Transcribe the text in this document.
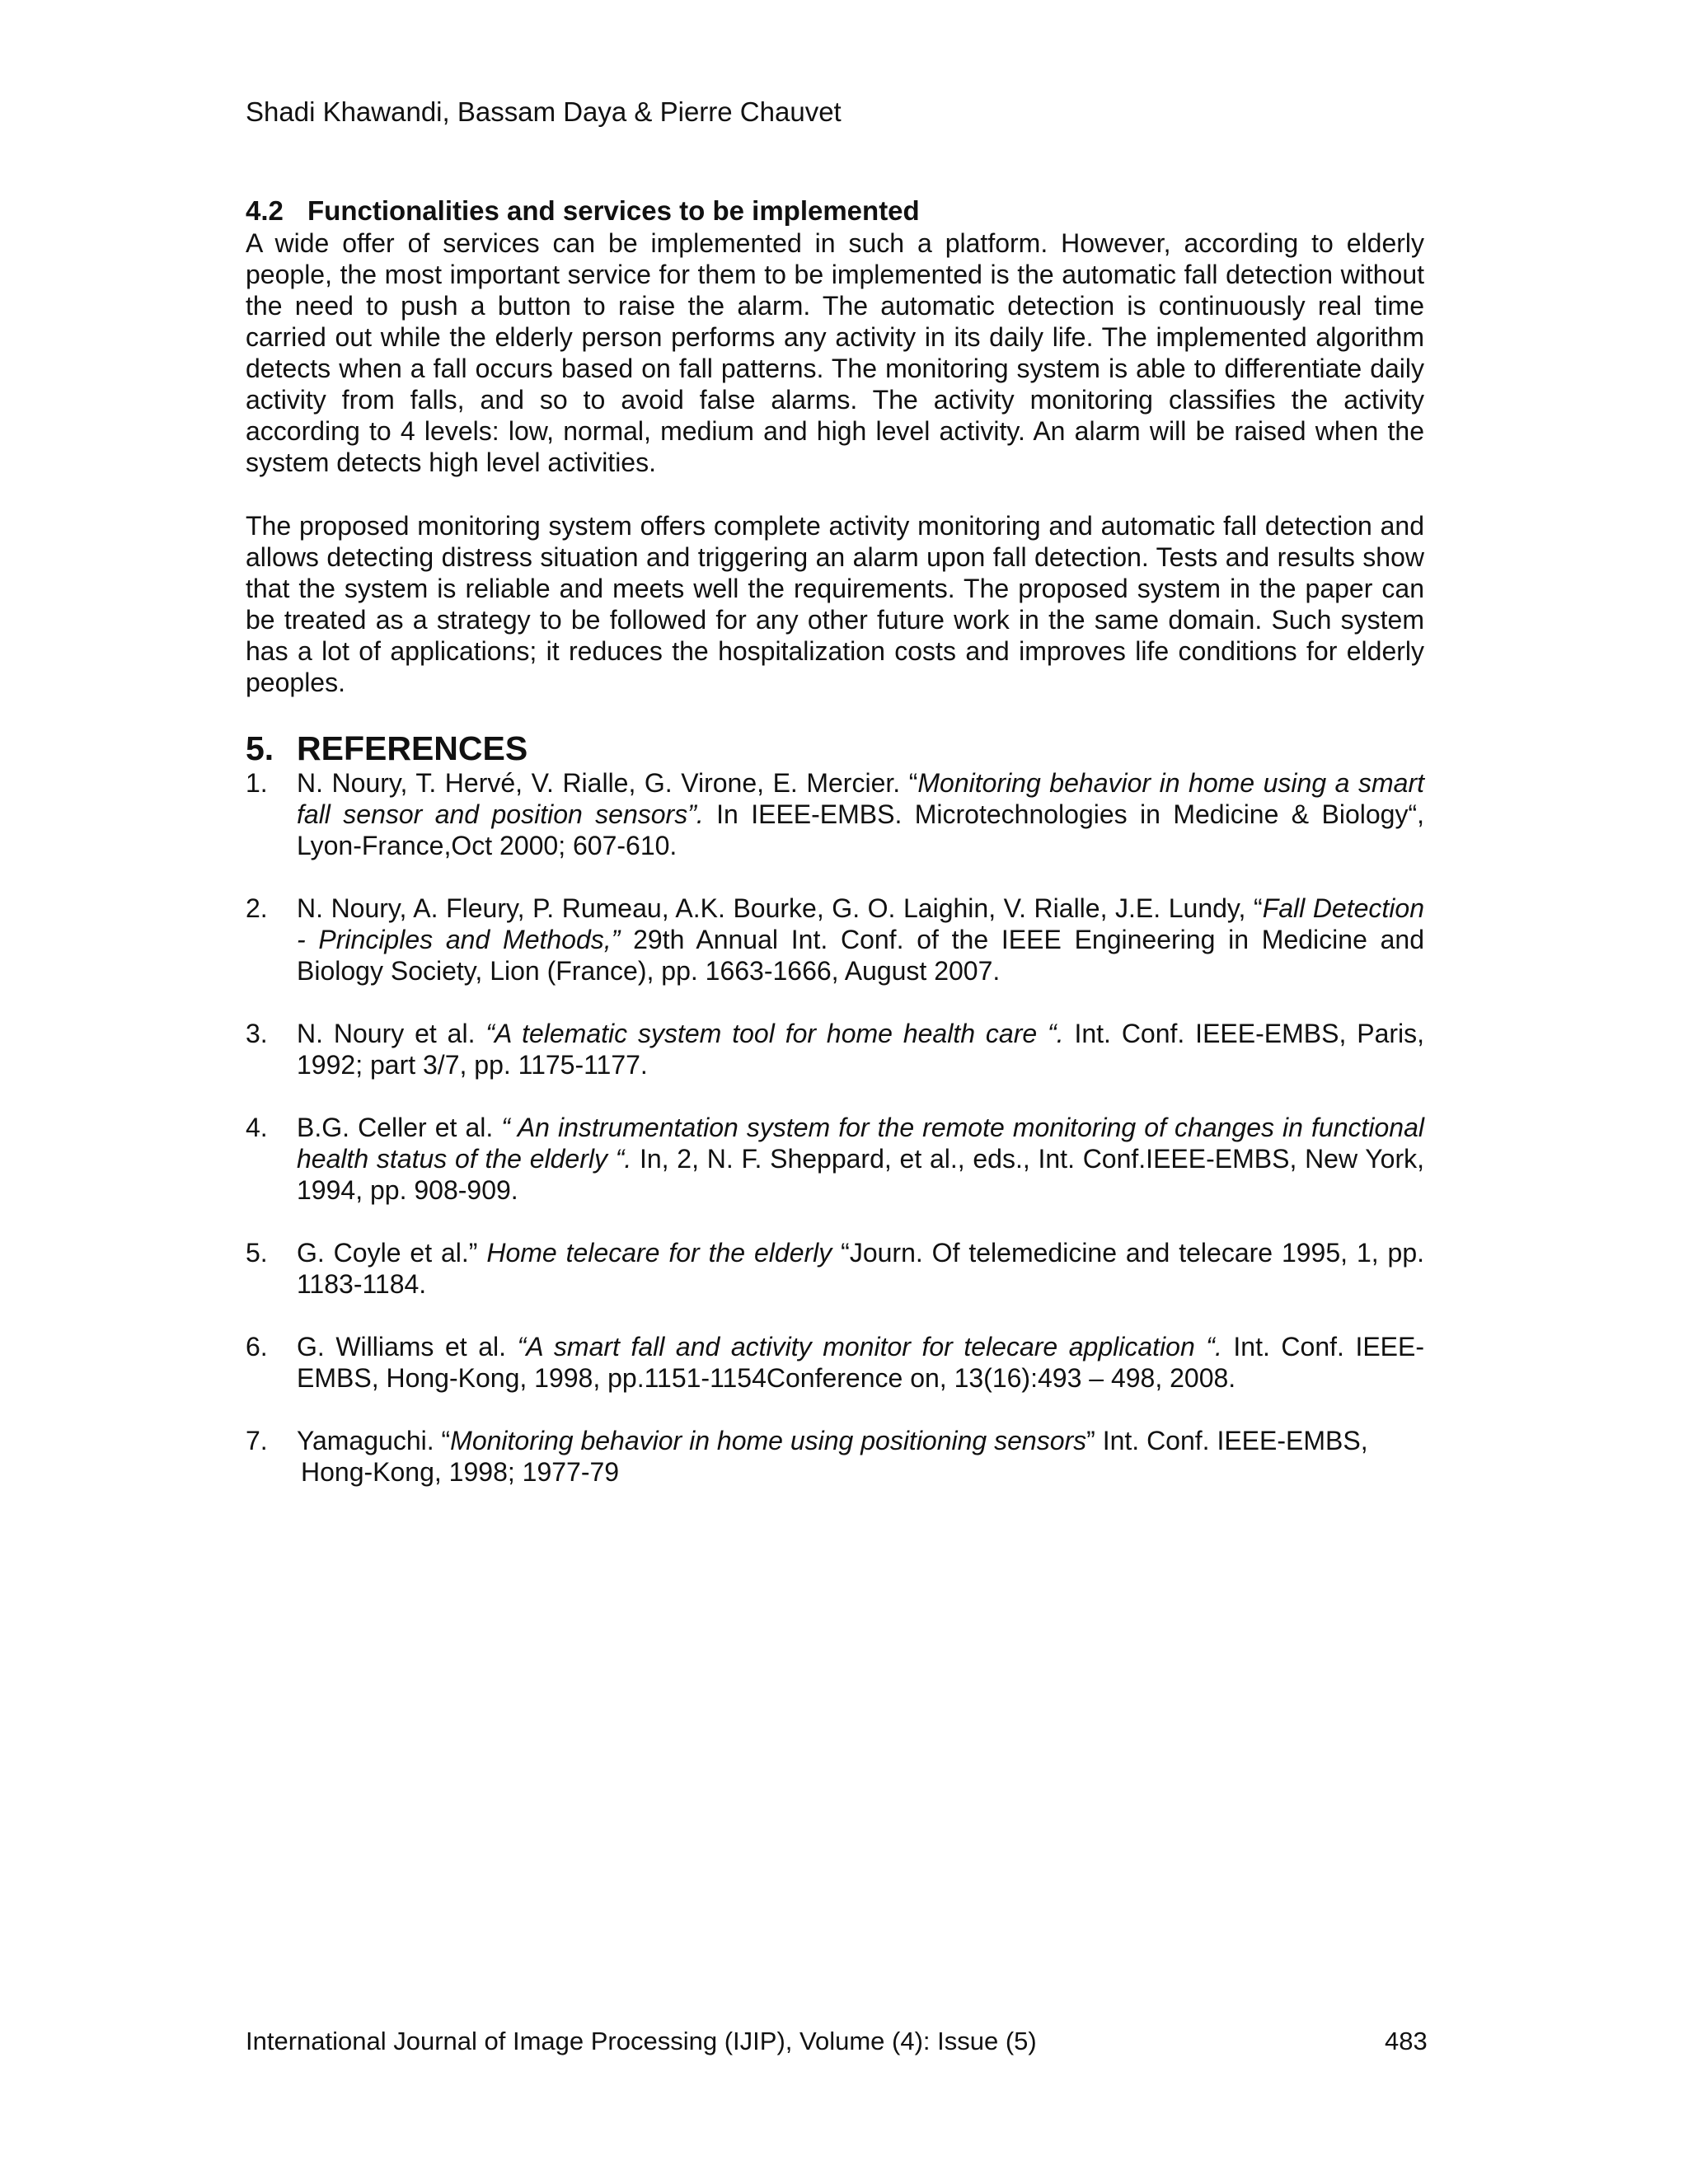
Shadi Khawandi, Bassam Daya & Pierre Chauvet
4.2 Functionalities and services to be implemented

A wide offer of services can be implemented in such a platform. However, according to elderly people, the most important service for them to be implemented is the automatic fall detection without the need to push a button to raise the alarm. The automatic detection is continuously real time carried out while the elderly person performs any activity in its daily life. The implemented algorithm detects when a fall occurs based on fall patterns. The monitoring system is able to differentiate daily activity from falls, and so to avoid false alarms. The activity monitoring classifies the activity according to 4 levels: low, normal, medium and high level activity. An alarm will be raised when the system detects high level activities.

The proposed monitoring system offers complete activity monitoring and automatic fall detection and allows detecting distress situation and triggering an alarm upon fall detection. Tests and results show that the system is reliable and meets well the requirements. The proposed system in the paper can be treated as a strategy to be followed for any other future work in the same domain. Such system has a lot of applications; it reduces the hospitalization costs and improves life conditions for elderly peoples.

5. REFERENCES
1. N. Noury, T. Hervé, V. Rialle, G. Virone, E. Mercier. “Monitoring behavior in home using a smart fall sensor and position sensors”. In IEEE-EMBS. Microtechnologies in Medicine & Biology“, Lyon-France,Oct 2000; 607-610.
2. N. Noury, A. Fleury, P. Rumeau, A.K. Bourke, G. O. Laighin, V. Rialle, J.E. Lundy, “Fall Detection - Principles and Methods,” 29th Annual Int. Conf. of the IEEE Engineering in Medicine and Biology Society, Lion (France), pp. 1663-1666, August 2007.
3. N. Noury et al. “A telematic system tool for home health care “. Int. Conf. IEEE-EMBS, Paris, 1992; part 3/7, pp. 1175-1177.
4. B.G. Celler et al. “ An instrumentation system for the remote monitoring of changes in functional health status of the elderly “. In, 2, N. F. Sheppard, et al., eds., Int. Conf.IEEE-EMBS, New York, 1994, pp. 908-909.
5. G. Coyle et al.” Home telecare for the elderly “Journ. Of telemedicine and telecare 1995, 1, pp. 1183-1184.
6. G. Williams et al. “A smart fall and activity monitor for telecare application “. Int. Conf. IEEE-EMBS, Hong-Kong, 1998, pp.1151-1154Conference on, 13(16):493 – 498, 2008.
7. Yamaguchi. “Monitoring behavior in home using positioning sensors” Int. Conf. IEEE-EMBS,
Hong-Kong, 1998; 1977-79
International Journal of Image Processing (IJIP), Volume (4): Issue (5)	483
